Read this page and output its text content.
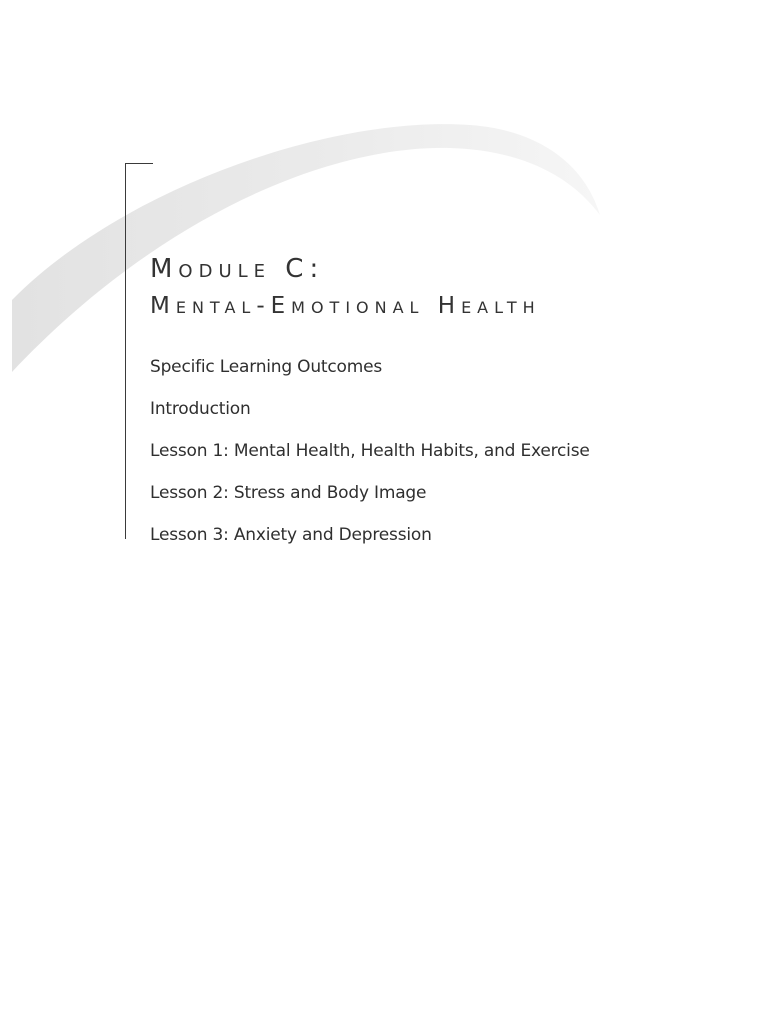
Module C:

Mental-Emotional Health

Specific Learning Outcomes
Introduction
Lesson 1: Mental Health, Health Habits, and Exercise
Lesson 2: Stress and Body Image
Lesson 3: Anxiety and Depression
